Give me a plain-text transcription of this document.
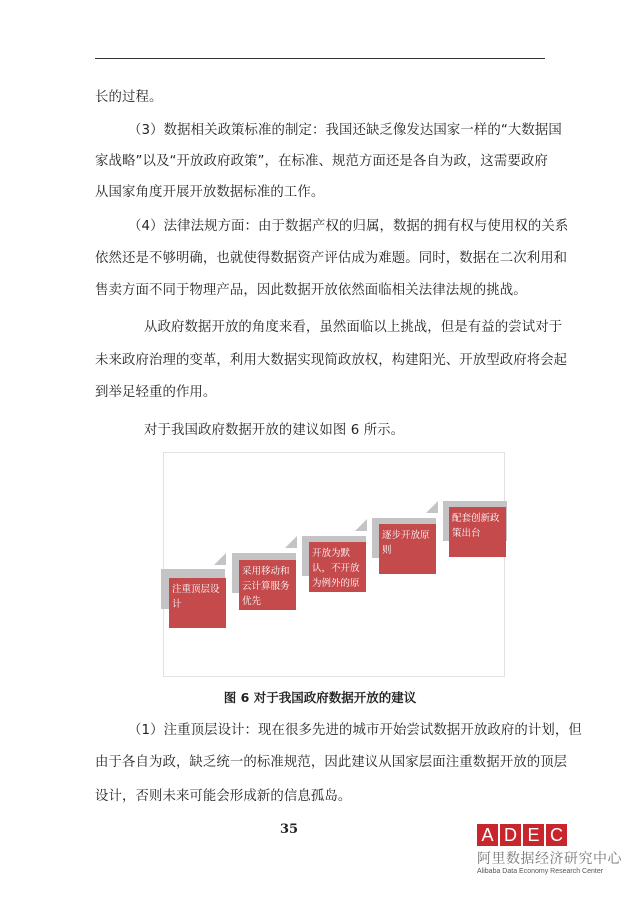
长的过程。
（3）数据相关政策标准的制定：我国还缺乏像发达国家一样的“大数据国
家战略”以及“开放政府政策”，在标准、规范方面还是各自为政，这需要政府
从国家角度开展开放数据标准的工作。
（4）法律法规方面：由于数据产权的归属，数据的拥有权与使用权的关系
依然还是不够明确，也就使得数据资产评估成为难题。同时，数据在二次利用和
售卖方面不同于物理产品，因此数据开放依然面临相关法律法规的挑战。
从政府数据开放的角度来看，虽然面临以上挑战，但是有益的尝试对于
未来政府治理的变革，利用大数据实现简政放权，构建阳光、开放型政府将会起
到举足轻重的作用。
对于我国政府数据开放的建议如图 6 所示。
注重顶层设计
采用移动和云计算服务优先
开放为默认，不开放为例外的原则
逐步开放原则
配套创新政策出台
图 6 对于我国政府数据开放的建议
（1）注重顶层设计：现在很多先进的城市开始尝试数据开放政府的计划，但
由于各自为政，缺乏统一的标准规范，因此建议从国家层面注重数据开放的顶层
设计，否则未来可能会形成新的信息孤岛。
35	A D E C
阿里数据经济研究中心
Alibaba Data Economy Research Center
